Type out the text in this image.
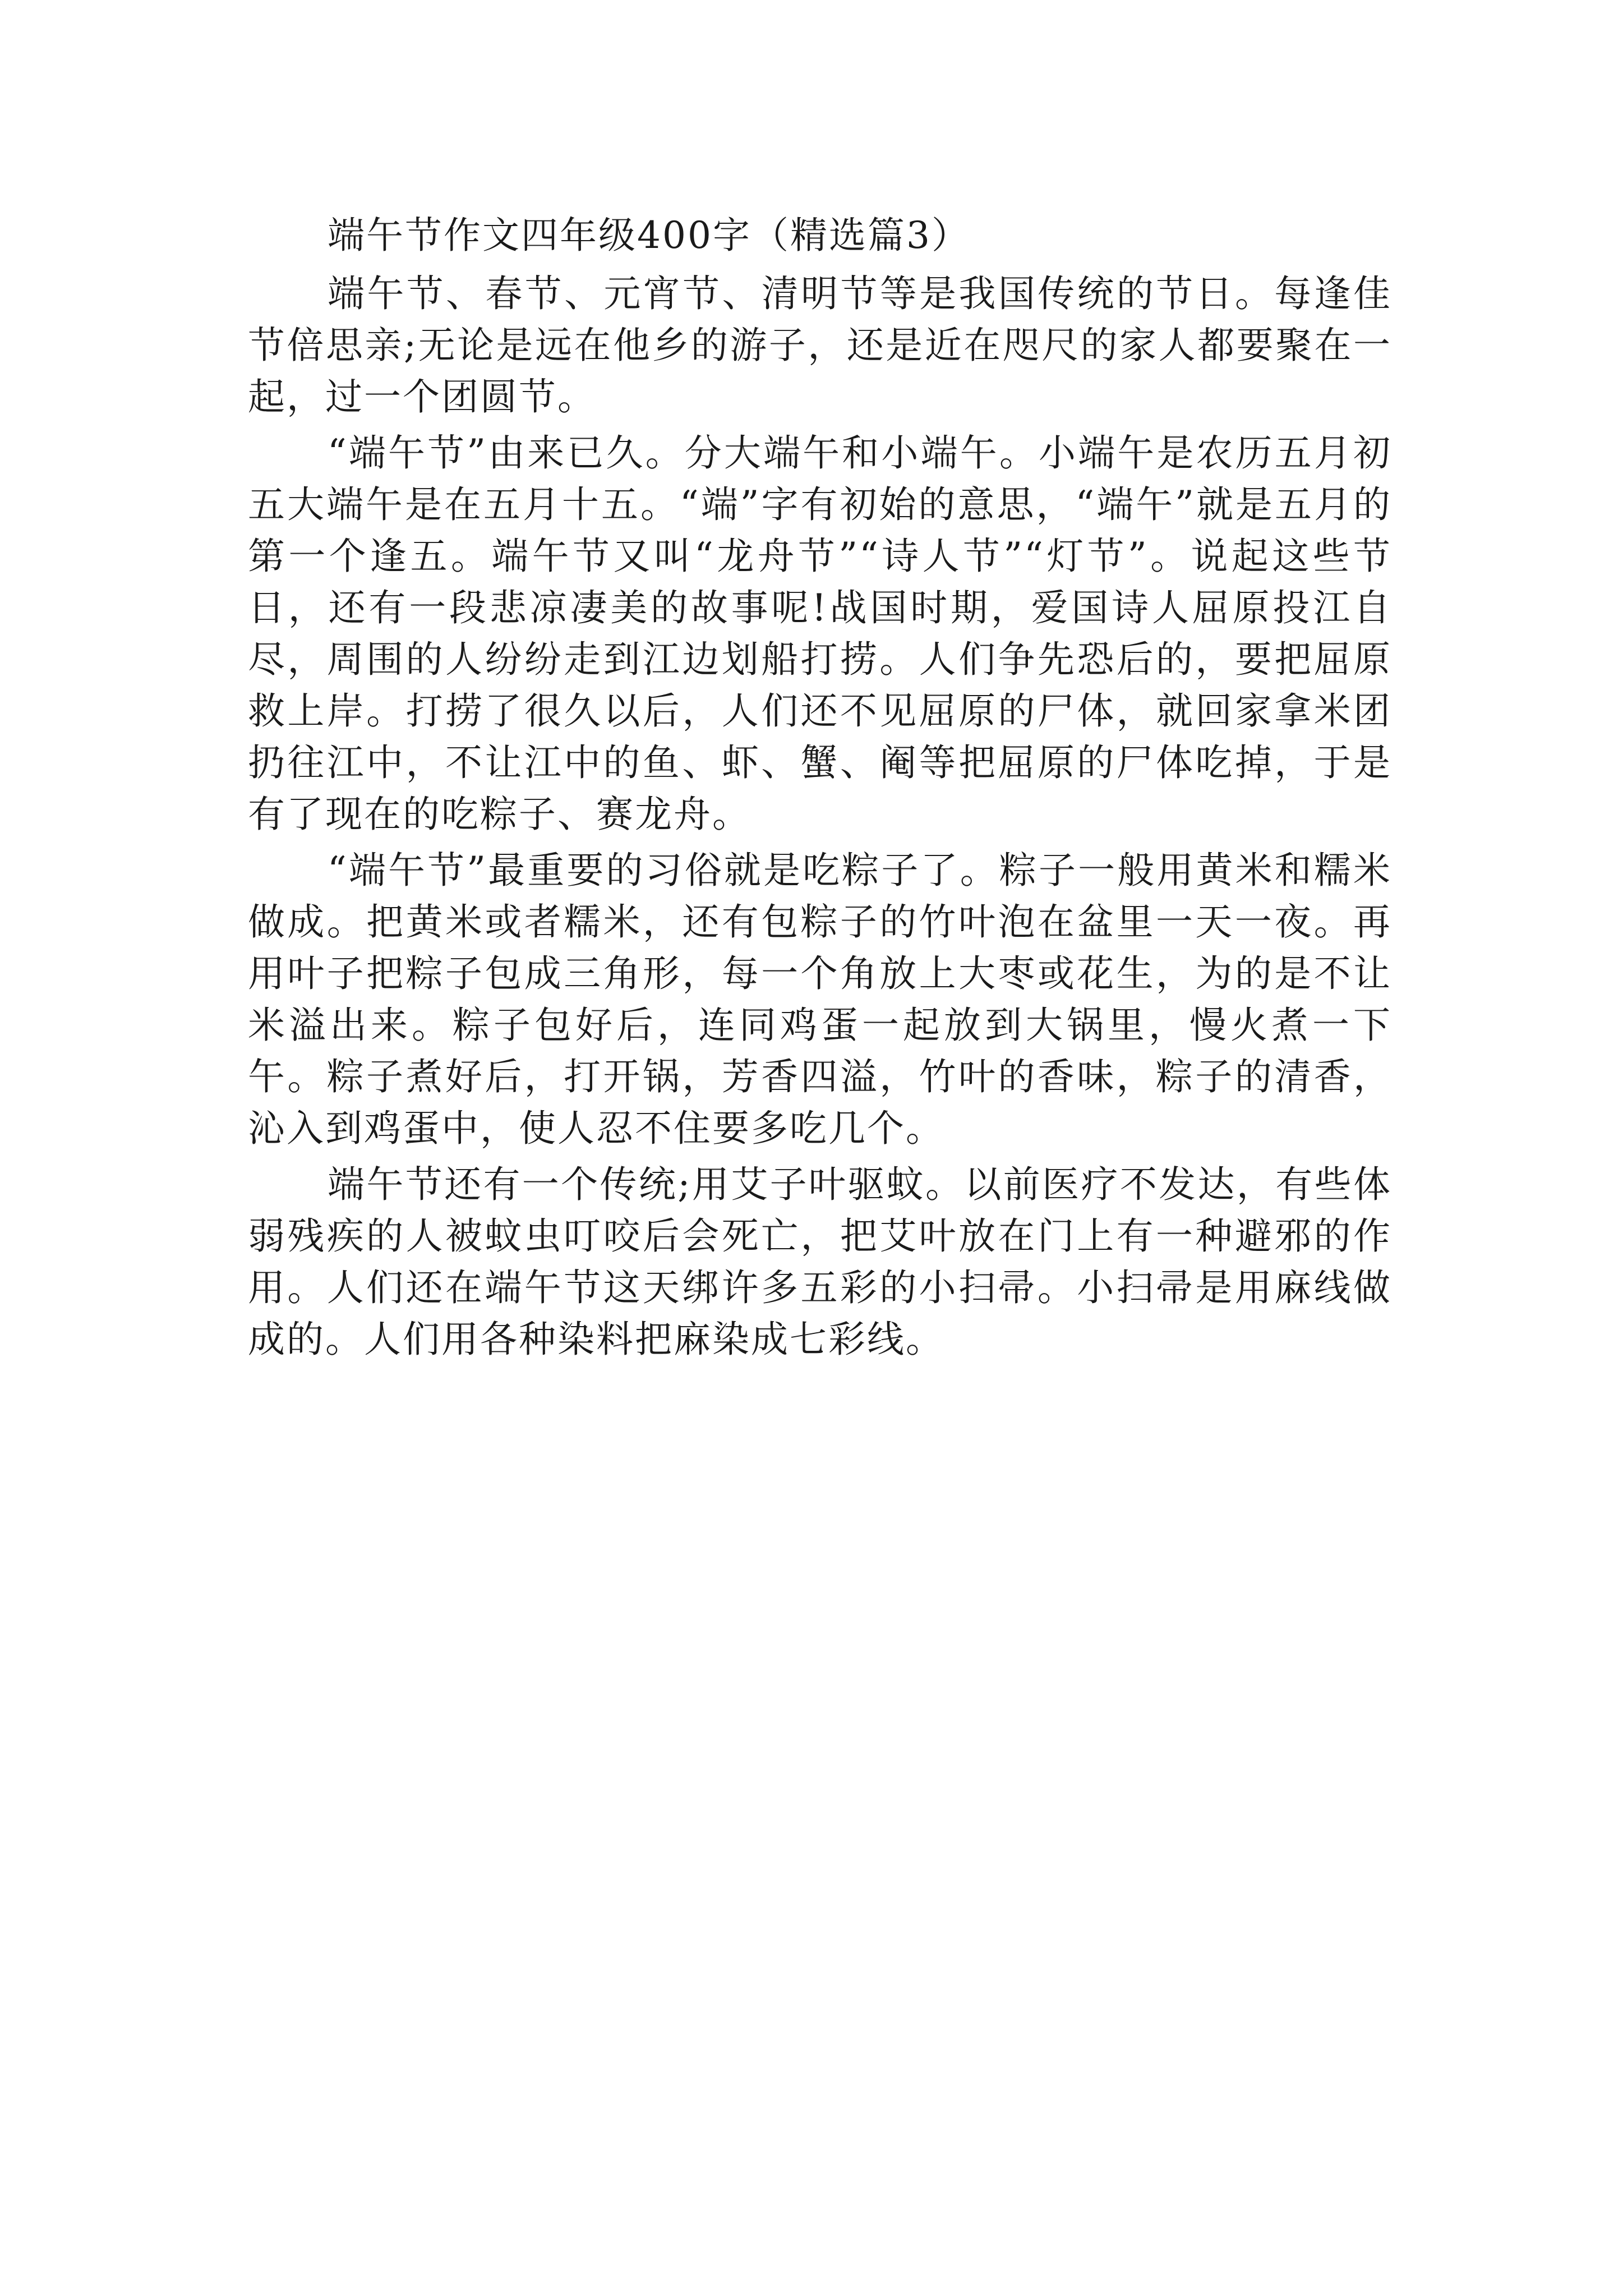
端午节作文四年级400字（精选篇3）

端午节、春节、元宵节、清明节等是我国传统的节日。每逢佳节倍思亲;无论是远在他乡的游子，还是近在咫尺的家人都要聚在一起，过一个团圆节。

“端午节”由来已久。分大端午和小端午。小端午是农历五月初五大端午是在五月十五。“端”字有初始的意思，“端午”就是五月的第一个逢五。端午节又叫“龙舟节”“诗人节”“灯节”。说起这些节日，还有一段悲凉凄美的故事呢!战国时期，爱国诗人屈原投江自尽，周围的人纷纷走到江边划船打捞。人们争先恐后的，要把屈原救上岸。打捞了很久以后，人们还不见屈原的尸体，就回家拿米团扔往江中，不让江中的鱼、虾、蟹、阉等把屈原的尸体吃掉，于是有了现在的吃粽子、赛龙舟。

“端午节”最重要的习俗就是吃粽子了。粽子一般用黄米和糯米做成。把黄米或者糯米，还有包粽子的竹叶泡在盆里一天一夜。再用叶子把粽子包成三角形，每一个角放上大枣或花生，为的是不让米溢出来。粽子包好后，连同鸡蛋一起放到大锅里，慢火煮一下午。粽子煮好后，打开锅，芳香四溢，竹叶的香味，粽子的清香，沁入到鸡蛋中，使人忍不住要多吃几个。

端午节还有一个传统;用艾子叶驱蚊。以前医疗不发达，有些体弱残疾的人被蚊虫叮咬后会死亡，把艾叶放在门上有一种避邪的作用。人们还在端午节这天绑许多五彩的小扫帚。小扫帚是用麻线做成的。人们用各种染料把麻染成七彩线。
